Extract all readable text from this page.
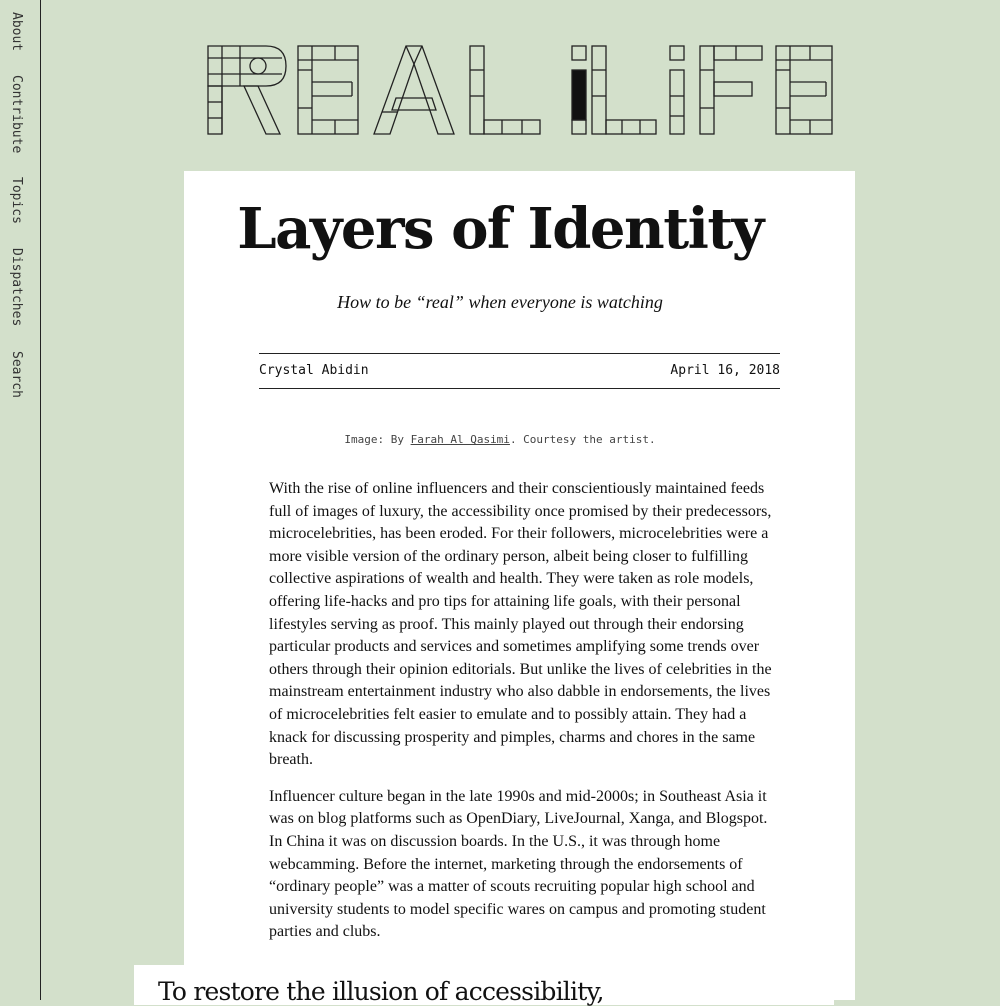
About
Contribute
Topics
Dispatches
Search
Layers of Identity

How to be “real” when everyone is watching

Crystal Abidin	April 16, 2018
Image: By Farah Al Qasimi. Courtesy the artist.

With the rise of online influencers and their conscientiously maintained feeds full of images of luxury, the accessibility once promised by their predecessors, microcelebrities, has been eroded. For their followers, microcelebrities were a more visible version of the ordinary person, albeit being closer to fulfilling collective aspirations of wealth and health. They were taken as role models, offering life-hacks and pro tips for attaining life goals, with their personal lifestyles serving as proof. This mainly played out through their endorsing particular products and services and sometimes amplifying some trends over others through their opinion editorials. But unlike the lives of celebrities in the mainstream entertainment industry who also dabble in endorsements, the lives of microcelebrities felt easier to emulate and to possibly attain. They had a knack for discussing prosperity and pimples, charms and chores in the same breath.

Influencer culture began in the late 1990s and mid-2000s; in Southeast Asia it was on blog platforms such as OpenDiary, LiveJournal, Xanga, and Blogspot. In China it was on discussion boards. In the U.S., it was through home webcamming. Before the internet, marketing through the endorsements of “ordinary people” was a matter of scouts recruiting popular high school and university students to model specific wares on campus and promoting student parties and clubs.

To restore the illusion of accessibility,
